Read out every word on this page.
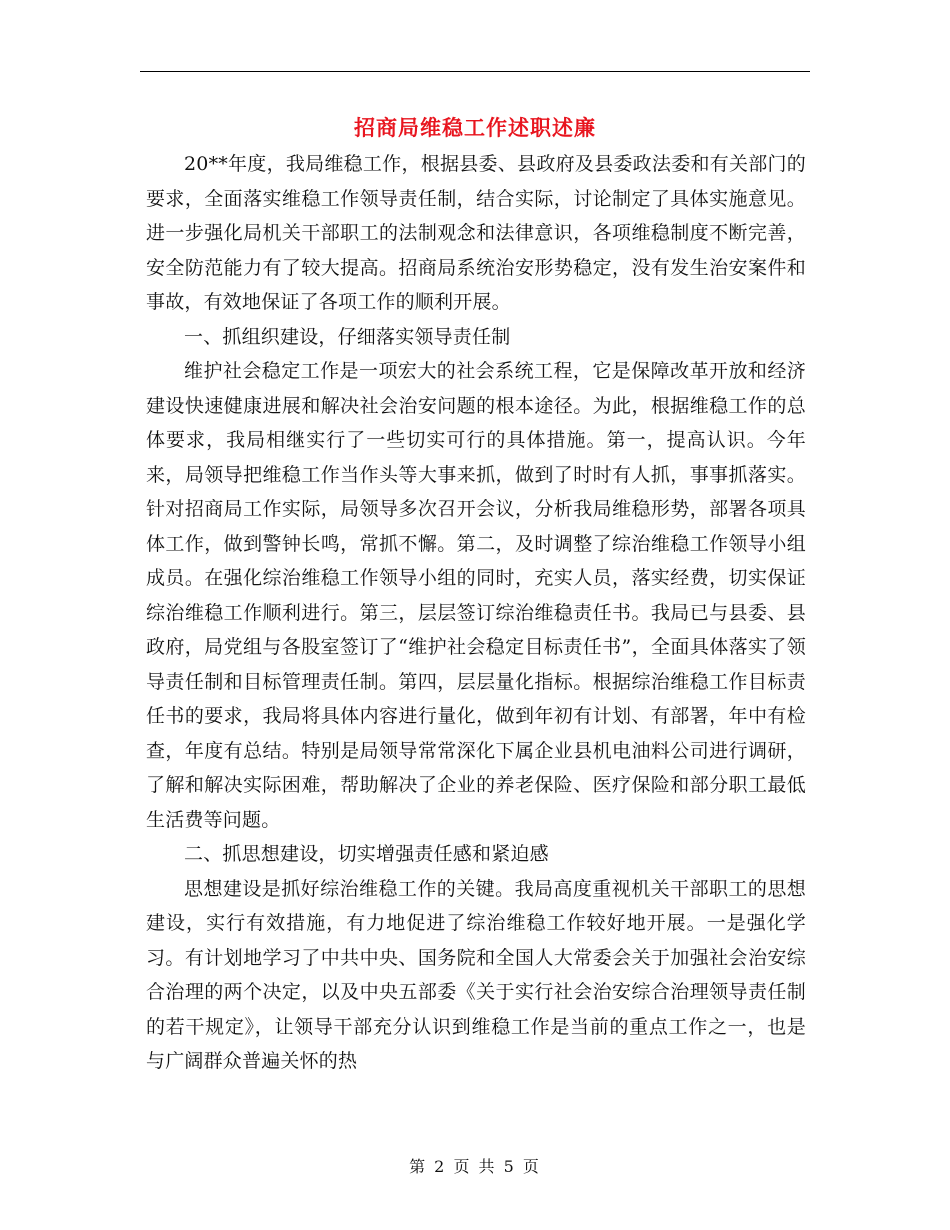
招商局维稳工作述职述廉

20**年度，我局维稳工作，根据县委、县政府及县委政法委和有关部门的要求，全面落实维稳工作领导责任制，结合实际，讨论制定了具体实施意见。进一步强化局机关干部职工的法制观念和法律意识，各项维稳制度不断完善，安全防范能力有了较大提高。招商局系统治安形势稳定，没有发生治安案件和事故，有效地保证了各项工作的顺利开展。

一、抓组织建设，仔细落实领导责任制

维护社会稳定工作是一项宏大的社会系统工程，它是保障改革开放和经济建设快速健康进展和解决社会治安问题的根本途径。为此，根据维稳工作的总体要求，我局相继实行了一些切实可行的具体措施。第一，提高认识。今年来，局领导把维稳工作当作头等大事来抓，做到了时时有人抓，事事抓落实。针对招商局工作实际，局领导多次召开会议，分析我局维稳形势，部署各项具体工作，做到警钟长鸣，常抓不懈。第二，及时调整了综治维稳工作领导小组成员。在强化综治维稳工作领导小组的同时，充实人员，落实经费，切实保证综治维稳工作顺利进行。第三，层层签订综治维稳责任书。我局已与县委、县政府，局党组与各股室签订了“维护社会稳定目标责任书”，全面具体落实了领导责任制和目标管理责任制。第四，层层量化指标。根据综治维稳工作目标责任书的要求，我局将具体内容进行量化，做到年初有计划、有部署，年中有检查，年度有总结。特别是局领导常常深化下属企业县机电油料公司进行调研，了解和解决实际困难，帮助解决了企业的养老保险、医疗保险和部分职工最低生活费等问题。

二、抓思想建设，切实增强责任感和紧迫感

思想建设是抓好综治维稳工作的关键。我局高度重视机关干部职工的思想建设，实行有效措施，有力地促进了综治维稳工作较好地开展。一是强化学习。有计划地学习了中共中央、国务院和全国人大常委会关于加强社会治安综合治理的两个决定，以及中央五部委《关于实行社会治安综合治理领导责任制的若干规定》，让领导干部充分认识到维稳工作是当前的重点工作之一，也是与广阔群众普遍关怀的热

第 2 页 共 5 页
